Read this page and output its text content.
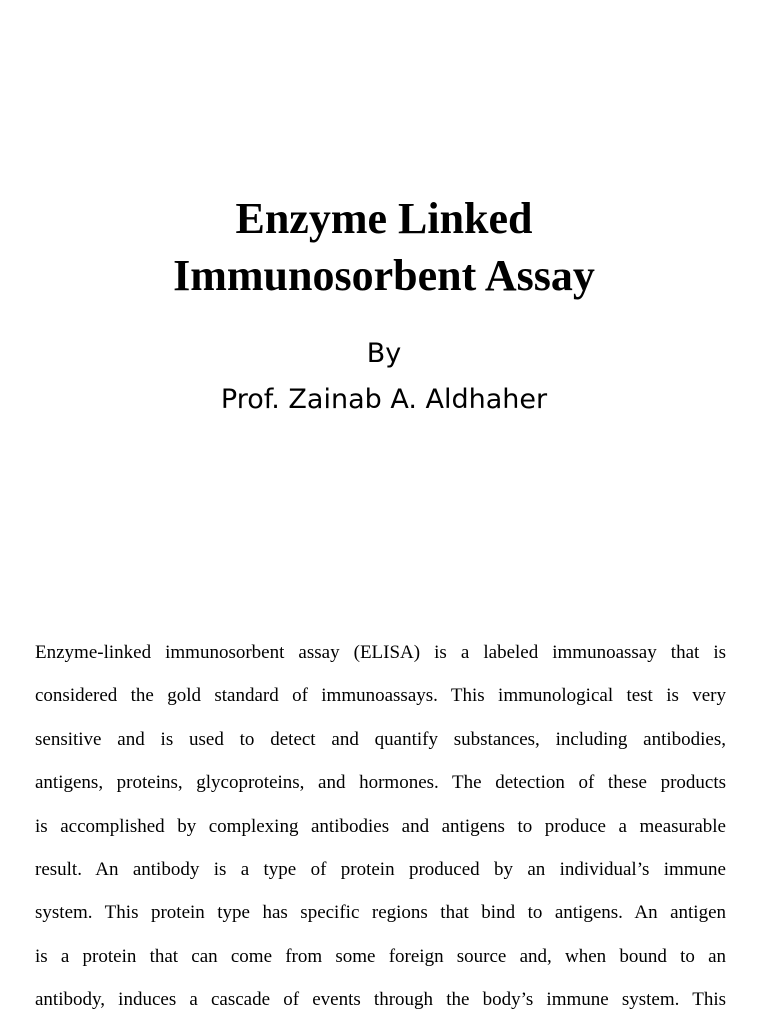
Enzyme Linked
Immunosorbent Assay
By
Prof. Zainab A. Aldhaher
Enzyme-linked immunosorbent assay (ELISA) is a labeled immunoassay that is
considered the gold standard of immunoassays. This immunological test is very
sensitive and is used to detect and quantify substances, including antibodies,
antigens, proteins, glycoproteins, and hormones. The detection of these products
is accomplished by complexing antibodies and antigens to produce a measurable
result. An antibody is a type of protein produced by an individual’s immune
system. This protein type has specific regions that bind to antigens. An antigen
is a protein that can come from some foreign source and, when bound to an
antibody, induces a cascade of events through the body’s immune system. This
